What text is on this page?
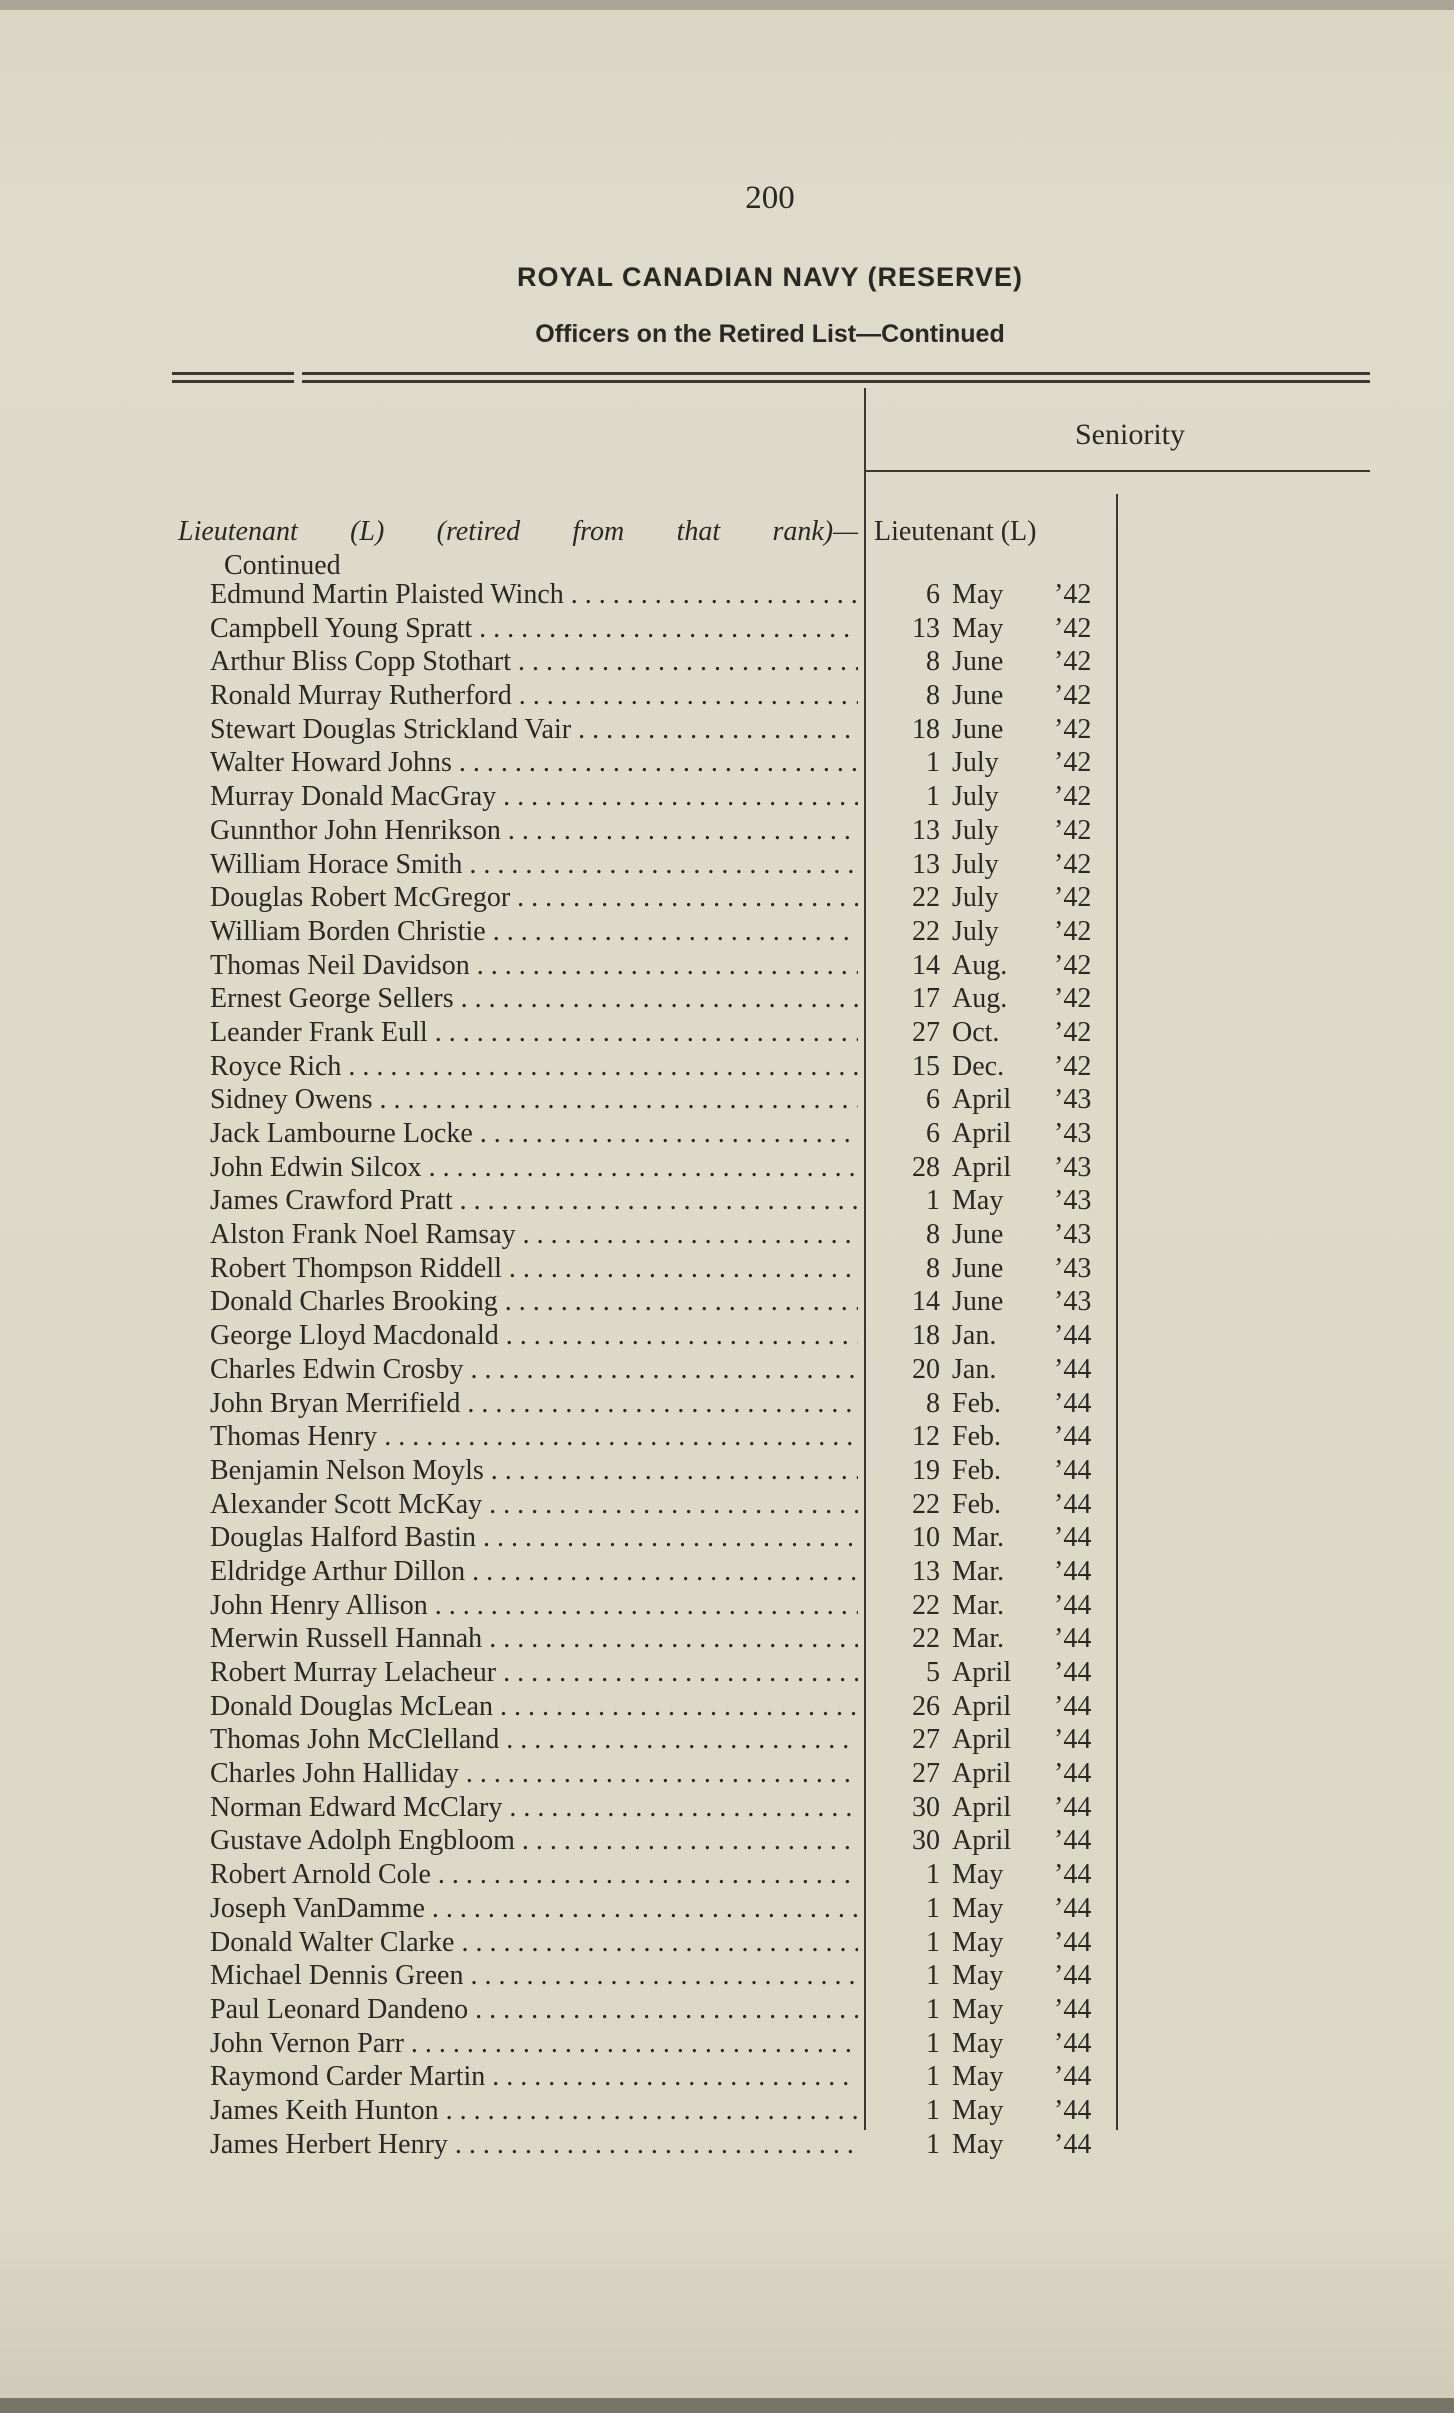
200
ROYAL CANADIAN NAVY (RESERVE)
Officers on the Retired List—Continued
Seniority
Lieutenant (L) (retired from that rank)—
Continued
Lieutenant (L)
Edmund Martin Plaisted Winch . . .	6 May	’42
Campbell Young Spratt . . .	13 May	’42
Arthur Bliss Copp Stothart . . .	8 June	’42
Ronald Murray Rutherford . . .	8 June	’42
Stewart Douglas Strickland Vair . . .	18 June	’42
Walter Howard Johns . . .	1 July	’42
Murray Donald MacGray . . .	1 July	’42
Gunnthor John Henrikson . . .	13 July	’42
William Horace Smith . . .	13 July	’42
Douglas Robert McGregor . . .	22 July	’42
William Borden Christie . . .	22 July	’42
Thomas Neil Davidson . . .	14 Aug.	’42
Ernest George Sellers . . .	17 Aug.	’42
Leander Frank Eull . . .	27 Oct.	’42
Royce Rich . . .	15 Dec.	’42
Sidney Owens . . .	6 April	’43
Jack Lambourne Locke . . .	6 April	’43
John Edwin Silcox . . .	28 April	’43
James Crawford Pratt . . .	1 May	’43
Alston Frank Noel Ramsay . . .	8 June	’43
Robert Thompson Riddell . . .	8 June	’43
Donald Charles Brooking . . .	14 June	’43
George Lloyd Macdonald . . .	18 Jan.	’44
Charles Edwin Crosby . . .	20 Jan.	’44
John Bryan Merrifield . . .	8 Feb.	’44
Thomas Henry . . .	12 Feb.	’44
Benjamin Nelson Moyls . . .	19 Feb.	’44
Alexander Scott McKay . . .	22 Feb.	’44
Douglas Halford Bastin . . .	10 Mar.	’44
Eldridge Arthur Dillon . . .	13 Mar.	’44
John Henry Allison . . .	22 Mar.	’44
Merwin Russell Hannah . . .	22 Mar.	’44
Robert Murray Lelacheur . . .	5 April	’44
Donald Douglas McLean . . .	26 April	’44
Thomas John McClelland . . .	27 April	’44
Charles John Halliday . . .	27 April	’44
Norman Edward McClary . . .	30 April	’44
Gustave Adolph Engbloom . . .	30 April	’44
Robert Arnold Cole . . .	1 May	’44
Joseph VanDamme . . .	1 May	’44
Donald Walter Clarke . . .	1 May	’44
Michael Dennis Green . . .	1 May	’44
Paul Leonard Dandeno . . .	1 May	’44
John Vernon Parr . . .	1 May	’44
Raymond Carder Martin . . .	1 May	’44
James Keith Hunton . . .	1 May	’44
James Herbert Henry . . .	1 May	’44
